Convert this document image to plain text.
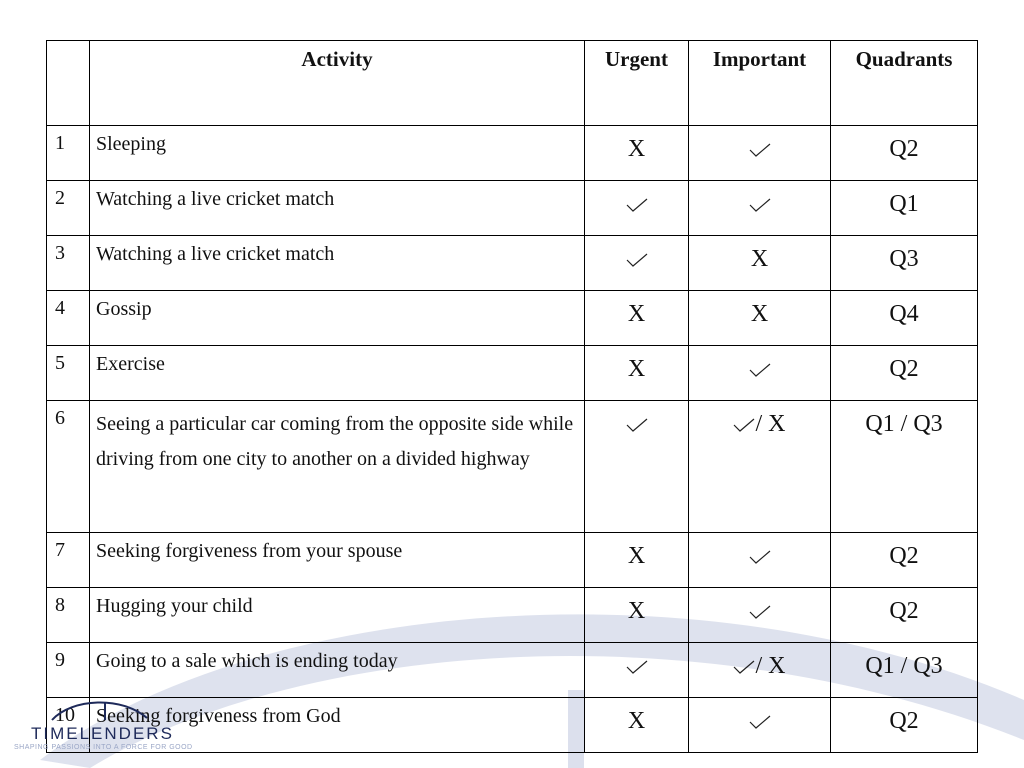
	Activity	Urgent	Important	Quadrants
1	Sleeping	X		Q2
2	Watching a live cricket match			Q1
3	Watching a live cricket match		X	Q3
4	Gossip	X	X	Q4
5	Exercise	X		Q2
6	Seeing a particular car coming from the opposite side while driving from one city to another on a divided highway		/ X	Q1 / Q3
7	Seeking forgiveness from your spouse	X		Q2
8	Hugging your child	X		Q2
9	Going to a sale which is ending today		/ X	Q1 / Q3
10	Seeking forgiveness from God	X		Q2
TIMELENDERS
SHAPING PASSIONS INTO A FORCE FOR GOOD
